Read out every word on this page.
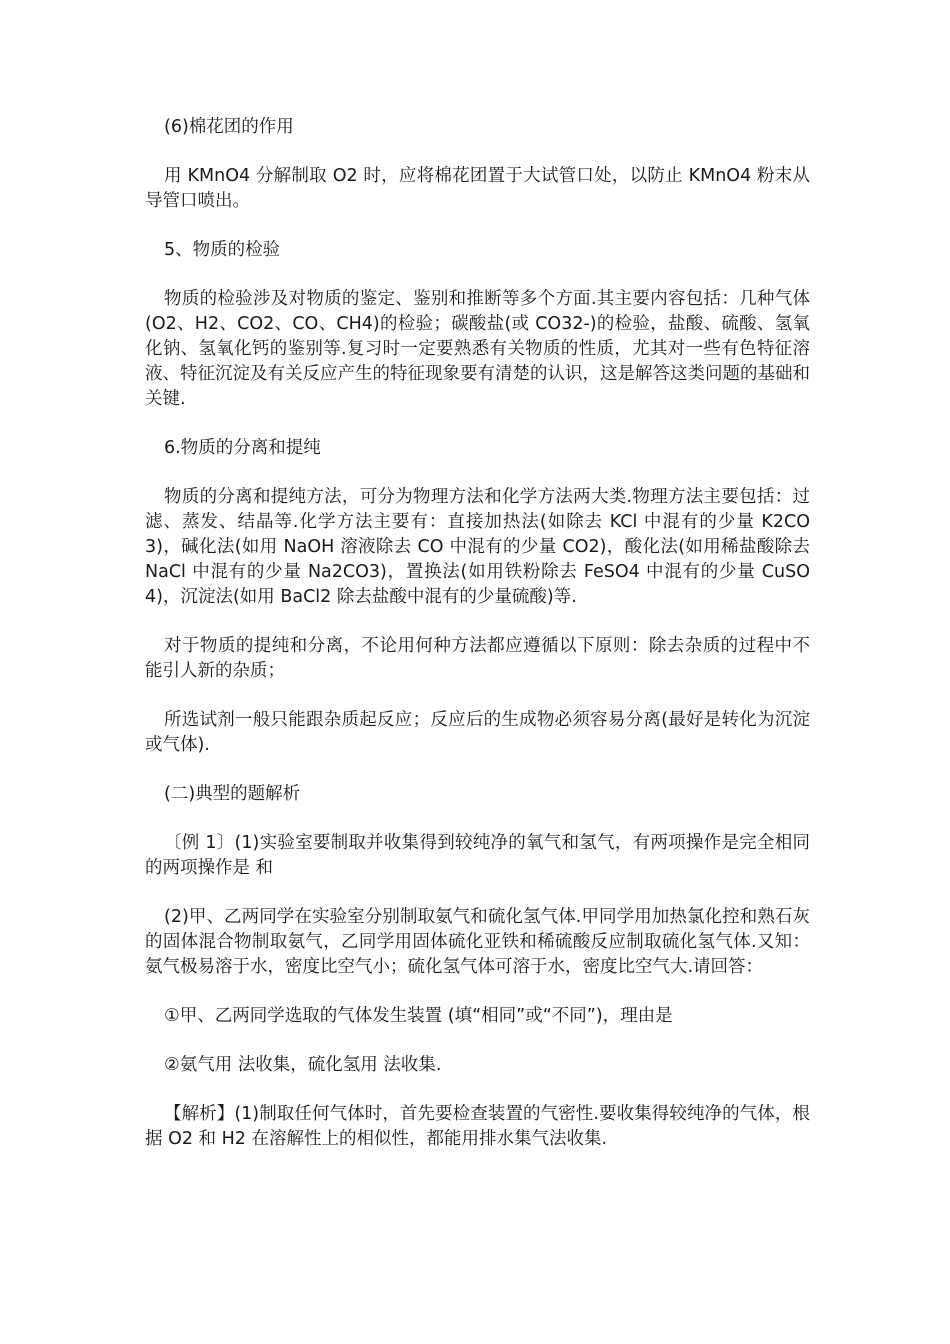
(6)棉花团的作用

用 KMnO4 分解制取 O2 时，应将棉花团置于大试管口处，以防止 KMnO4 粉末从导管口喷出。

5、物质的检验

物质的检验涉及对物质的鉴定、鉴别和推断等多个方面.其主要内容包括：几种气体(O2、H2、CO2、CO、CH4)的检验；碳酸盐(或 CO32-)的检验，盐酸、硫酸、氢氧化钠、氢氧化钙的鉴别等.复习时一定要熟悉有关物质的性质，尤其对一些有色特征溶液、特征沉淀及有关反应产生的特征现象要有清楚的认识，这是解答这类问题的基础和关键.

6.物质的分离和提纯

物质的分离和提纯方法，可分为物理方法和化学方法两大类.物理方法主要包括：过滤、蒸发、结晶等.化学方法主要有：直接加热法(如除去 KCl 中混有的少量 K2CO3)，碱化法(如用 NaOH 溶液除去 CO 中混有的少量 CO2)，酸化法(如用稀盐酸除去 NaCl 中混有的少量 Na2CO3)，置换法(如用铁粉除去 FeSO4 中混有的少量 CuSO4)，沉淀法(如用 BaCl2 除去盐酸中混有的少量硫酸)等.

对于物质的提纯和分离，不论用何种方法都应遵循以下原则：除去杂质的过程中不能引人新的杂质；

所选试剂一般只能跟杂质起反应；反应后的生成物必须容易分离(最好是转化为沉淀或气体).

(二)典型的题解析

〔例 1〕(1)实验室要制取并收集得到较纯净的氧气和氢气，有两项操作是完全相同的两项操作是 和

(2)甲、乙两同学在实验室分别制取氨气和硫化氢气体.甲同学用加热氯化控和熟石灰的固体混合物制取氨气，乙同学用固体硫化亚铁和稀硫酸反应制取硫化氢气体.又知：氨气极易溶于水，密度比空气小；硫化氢气体可溶于水，密度比空气大.请回答：

①甲、乙两同学选取的气体发生装置 (填“相同”或“不同”)，理由是

②氨气用 法收集，硫化氢用 法收集.

【解析】(1)制取任何气体时，首先要检查装置的气密性.要收集得较纯净的气体，根据 O2 和 H2 在溶解性上的相似性，都能用排水集气法收集.
